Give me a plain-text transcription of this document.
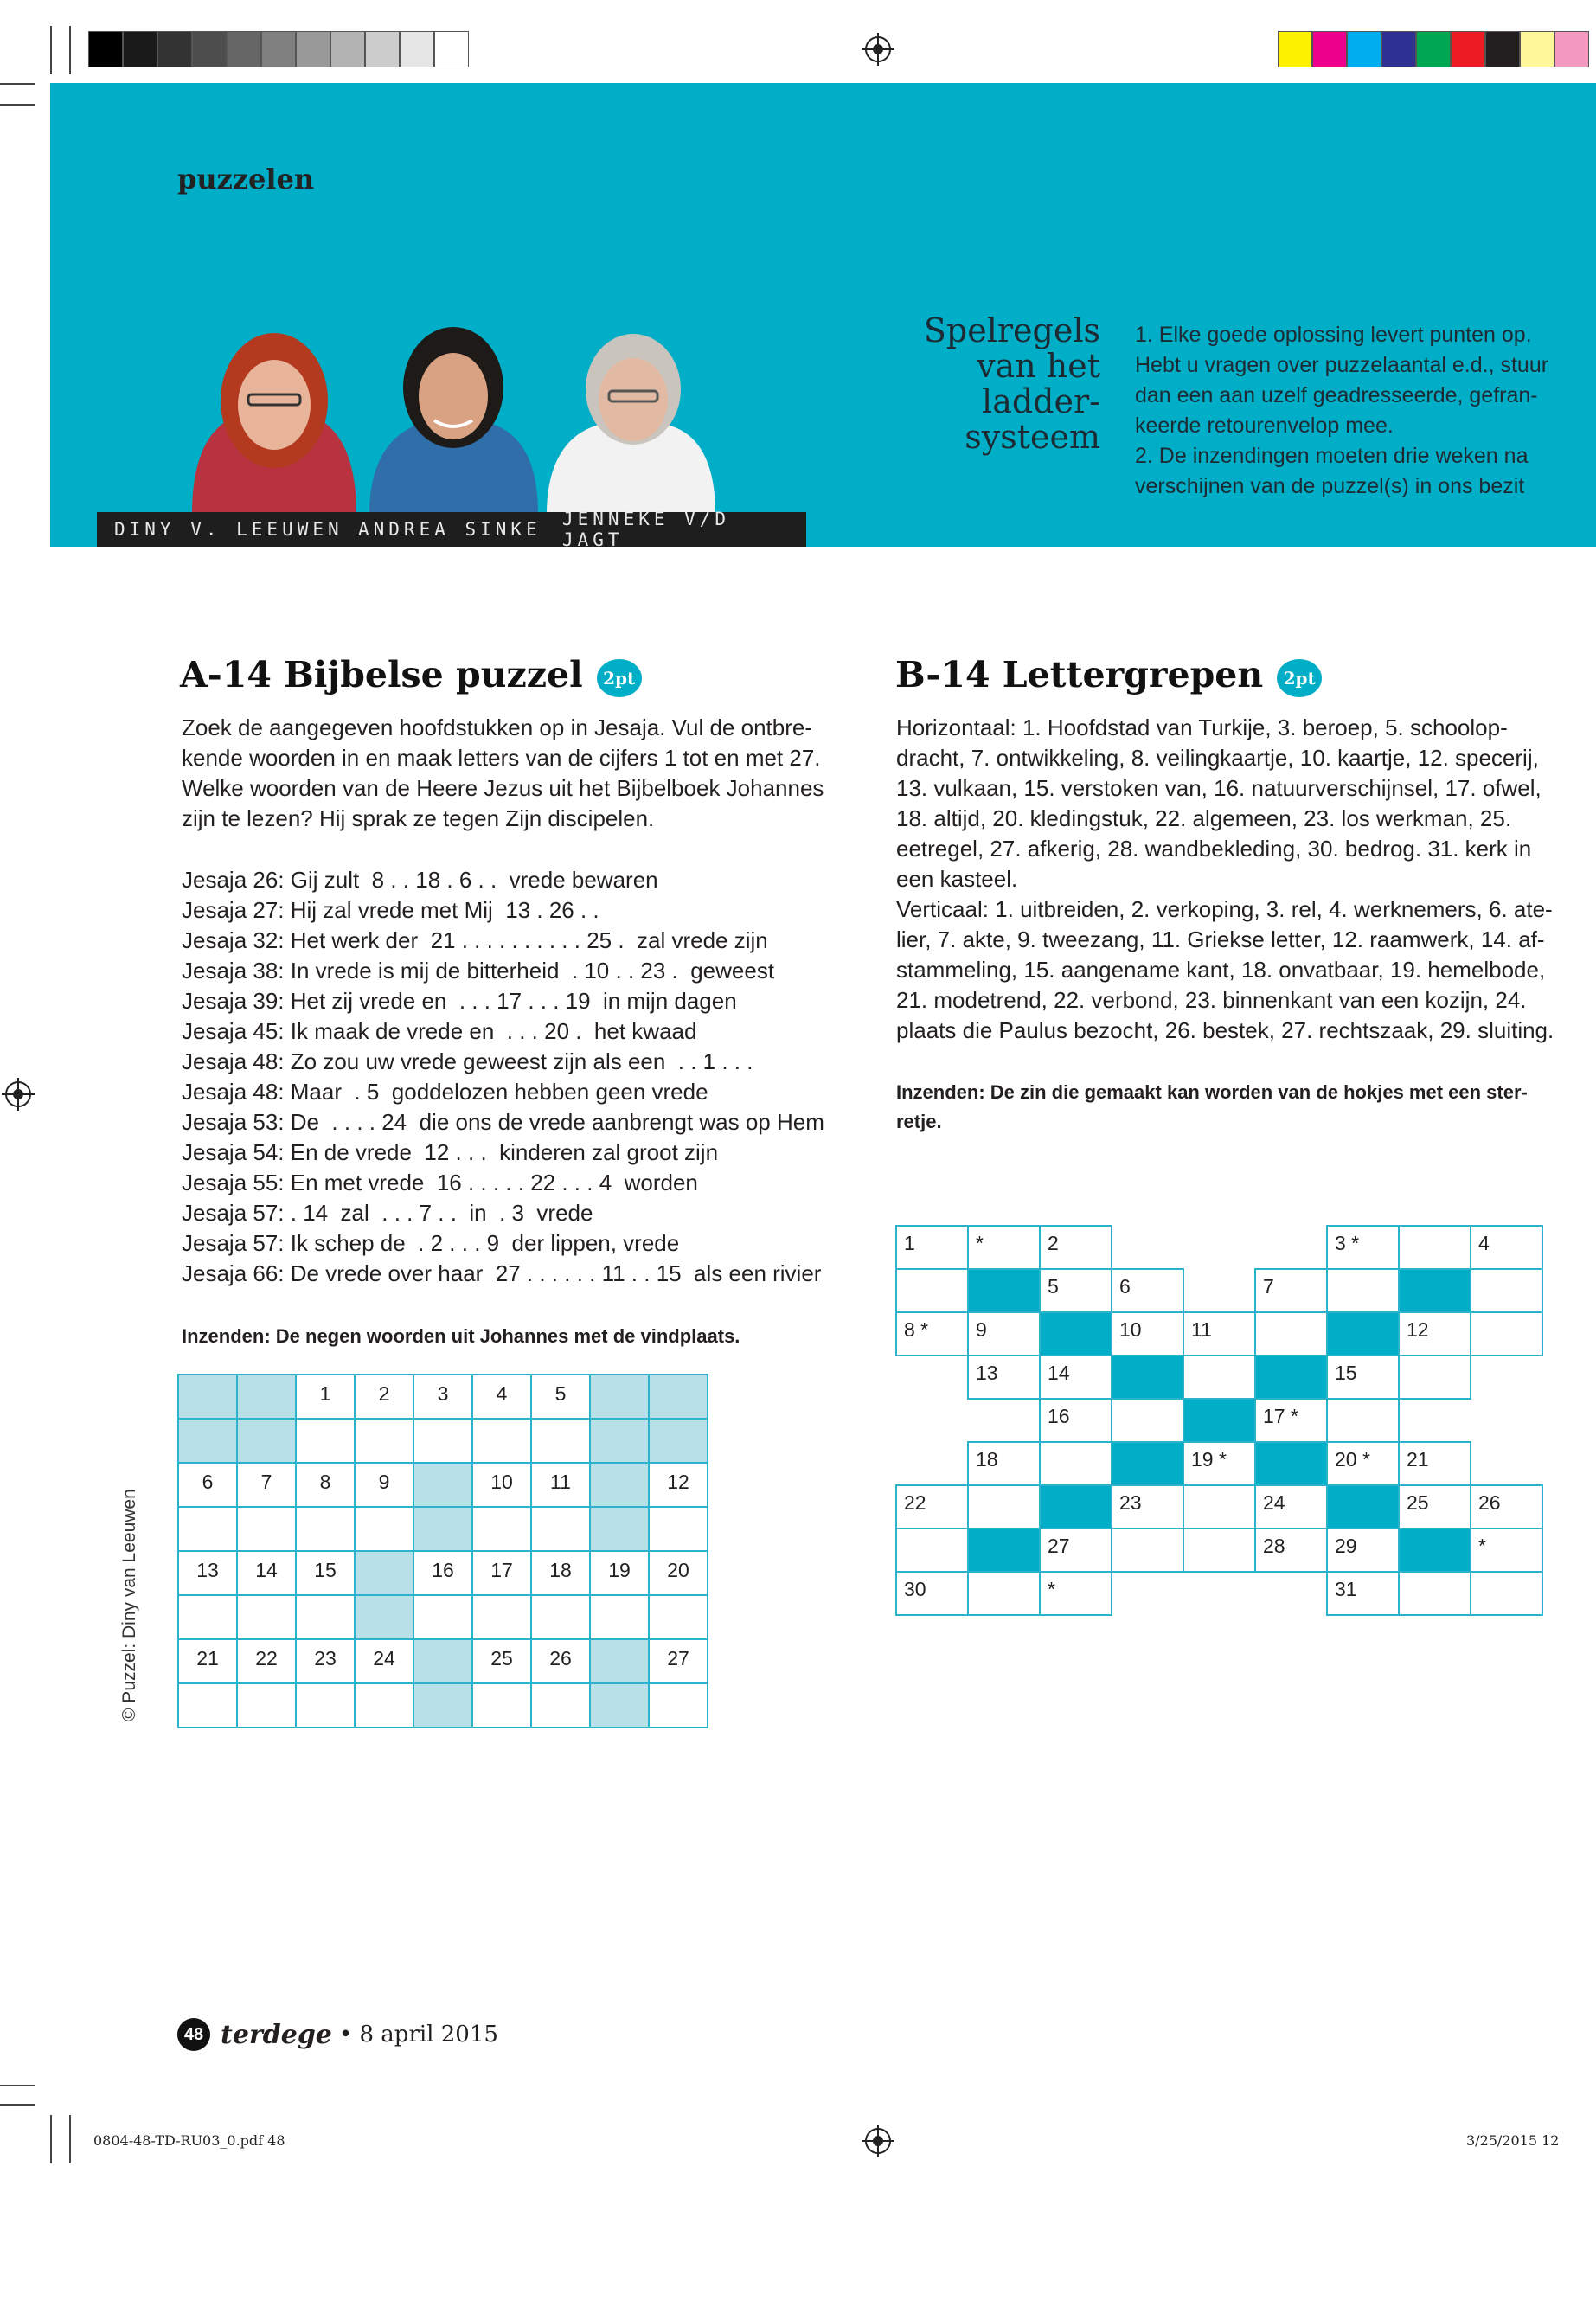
puzzelen
DINY V. LEEUWEN ANDREA SINKE JENNEKE V/D JAGT
Spelregels
van het
ladder-
systeem
1. Elke goede oplossing levert punten op.
Hebt u vragen over puzzelaantal e.d., stuur
dan een aan uzelf geadresseerde, gefran-
keerde retourenvelop mee.
2. De inzendingen moeten drie weken na
verschijnen van de puzzel(s) in ons bezit
A-14 Bijbelse puzzel 2pt

Zoek de aangegeven hoofdstukken op in Jesaja. Vul de ontbre-

kende woorden in en maak letters van de cijfers 1 tot en met 27.

Welke woorden van de Heere Jezus uit het Bijbelboek Johannes

zijn te lezen? Hij sprak ze tegen Zijn discipelen.

Jesaja 26: Gij zult  8 . . 18 . 6 . .  vrede bewaren
Jesaja 27: Hij zal vrede met Mij  13 . 26 . .
Jesaja 32: Het werk der  21 . . . . . . . . . . 25 .  zal vrede zijn
Jesaja 38: In vrede is mij de bitterheid  . 10 . . 23 .  geweest
Jesaja 39: Het zij vrede en  . . . 17 . . . 19  in mijn dagen
Jesaja 45: Ik maak de vrede en  . . . 20 .  het kwaad
Jesaja 48: Zo zou uw vrede geweest zijn als een  . . 1 . . .
Jesaja 48: Maar  . 5  goddelozen hebben geen vrede
Jesaja 53: De  . . . . 24  die ons de vrede aanbrengt was op Hem
Jesaja 54: En de vrede  12 . . .  kinderen zal groot zijn
Jesaja 55: En met vrede  16 . . . . . 22 . . . 4  worden
Jesaja 57: . 14  zal  . . . 7 . .  in  . 3  vrede
Jesaja 57: Ik schep de  . 2 . . . 9  der lippen, vrede
Jesaja 66: De vrede over haar  27 . . . . . . 11 . . 15  als een rivier
Inzenden: De negen woorden uit Johannes met de vindplaats.

		1	2	3	4	5		

6	7	8	9		10	11		12

13	14	15		16	17	18	19	20

21	22	23	24		25	26		27

© Puzzel: Diny van Leeuwen
B-14 Lettergrepen 2pt
Horizontaal: 1. Hoofdstad van Turkije, 3. beroep, 5. schoolop-
dracht, 7. ontwikkeling, 8. veilingkaartje, 10. kaartje, 12. specerij,
13. vulkaan, 15. verstoken van, 16. natuurverschijnsel, 17. ofwel,
18. altijd, 20. kledingstuk, 22. algemeen, 23. los werkman, 25.
eetregel, 27. afkerig, 28. wandbekleding, 30. bedrog. 31. kerk in
een kasteel.
Verticaal: 1. uitbreiden, 2. verkoping, 3. rel, 4. werknemers, 6. ate-
lier, 7. akte, 9. tweezang, 11. Griekse letter, 12. raamwerk, 14. af-
stammeling, 15. aangename kant, 18. onvatbaar, 19. hemelbode,
21. modetrend, 22. verbond, 23. binnenkant van een kozijn, 24.
plaats die Paulus bezocht, 26. bestek, 27. rechtszaak, 29. sluiting.
Inzenden: De zin die gemaakt kan worden van de hokjes met een ster-
retje.
1	*	2				3 *		4

		5	6		7			

8 *	9		10	11			12	

	13	14				15		

		16			17 *			

	18			19 *		20 *	21	

22			23		24		25	26

		27			28	29		*

30		*				31		

48 terdege • 8 april 2015
0804-48-TD-RU03_0.pdf 48	3/25/2015 12
